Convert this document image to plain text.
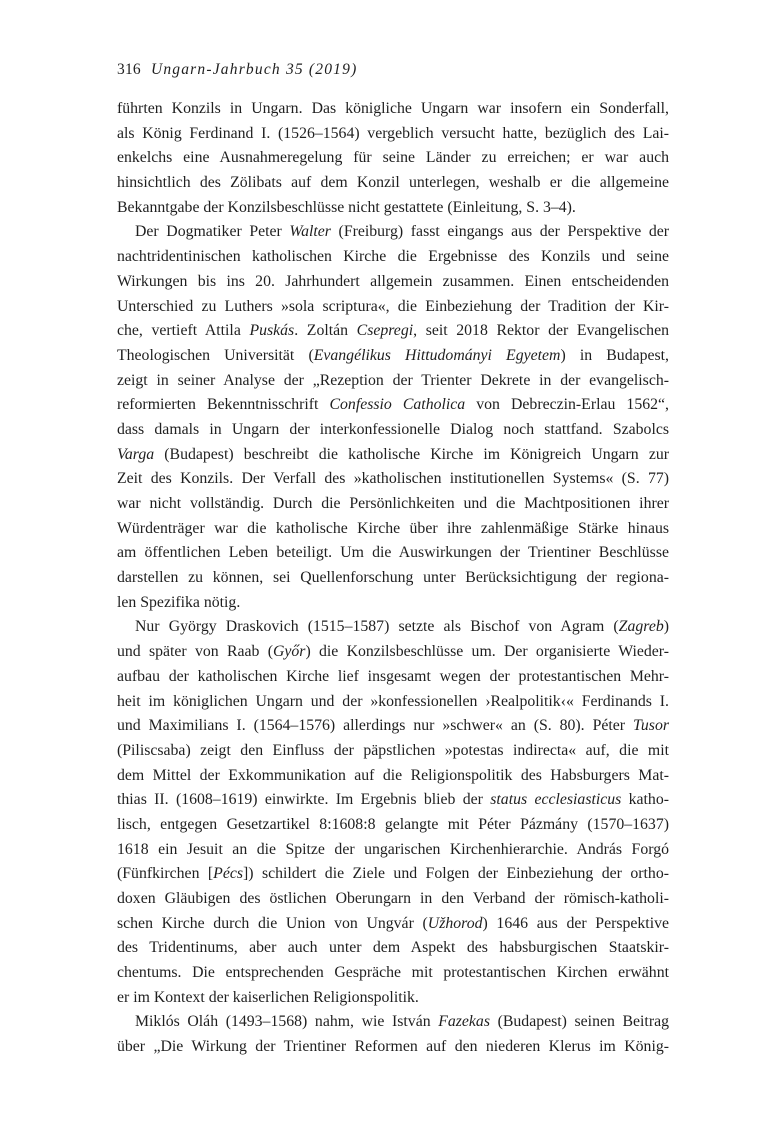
316 Ungarn-Jahrbuch 35 (2019)
führten Konzils in Ungarn. Das königliche Ungarn war insofern ein Sonderfall,
als König Ferdinand I. (1526–1564) vergeblich versucht hatte, bezüglich des Lai-
enkelchs eine Ausnahmeregelung für seine Länder zu erreichen; er war auch
hinsichtlich des Zölibats auf dem Konzil unterlegen, weshalb er die allgemeine
Bekanntgabe der Konzilsbeschlüsse nicht gestattete (Einleitung, S. 3–4).
Der Dogmatiker Peter Walter (Freiburg) fasst eingangs aus der Perspektive der
nachtridentinischen katholischen Kirche die Ergebnisse des Konzils und seine
Wirkungen bis ins 20. Jahrhundert allgemein zusammen. Einen entscheidenden
Unterschied zu Luthers »sola scriptura«, die Einbeziehung der Tradition der Kir-
che, vertieft Attila Puskás. Zoltán Csepregi, seit 2018 Rektor der Evangelischen
Theologischen Universität (Evangélikus Hittudományi Egyetem) in Budapest,
zeigt in seiner Analyse der „Rezeption der Trienter Dekrete in der evangelisch-
reformierten Bekenntnisschrift Confessio Catholica von Debreczin-Erlau 1562“,
dass damals in Ungarn der interkonfessionelle Dialog noch stattfand. Szabolcs
Varga (Budapest) beschreibt die katholische Kirche im Königreich Ungarn zur
Zeit des Konzils. Der Verfall des »katholischen institutionellen Systems« (S. 77)
war nicht vollständig. Durch die Persönlichkeiten und die Machtpositionen ihrer
Würdenträger war die katholische Kirche über ihre zahlenmäßige Stärke hinaus
am öffentlichen Leben beteiligt. Um die Auswirkungen der Trientiner Beschlüsse
darstellen zu können, sei Quellenforschung unter Berücksichtigung der regiona-
len Spezifika nötig.
Nur György Draskovich (1515–1587) setzte als Bischof von Agram (Zagreb)
und später von Raab (Győr) die Konzilsbeschlüsse um. Der organisierte Wieder-
aufbau der katholischen Kirche lief insgesamt wegen der protestantischen Mehr-
heit im königlichen Ungarn und der »konfessionellen ›Realpolitik‹« Ferdinands I.
und Maximilians I. (1564–1576) allerdings nur »schwer« an (S. 80). Péter Tusor
(Piliscsaba) zeigt den Einfluss der päpstlichen »potestas indirecta« auf, die mit
dem Mittel der Exkommunikation auf die Religionspolitik des Habsburgers Mat-
thias II. (1608–1619) einwirkte. Im Ergebnis blieb der status ecclesiasticus katho-
lisch, entgegen Gesetzartikel 8:1608:8 gelangte mit Péter Pázmány (1570–1637)
1618 ein Jesuit an die Spitze der ungarischen Kirchenhierarchie. András Forgó
(Fünfkirchen [Pécs]) schildert die Ziele und Folgen der Einbeziehung der ortho-
doxen Gläubigen des östlichen Oberungarn in den Verband der römisch-katholi-
schen Kirche durch die Union von Ungvár (Užhorod) 1646 aus der Perspektive
des Tridentinums, aber auch unter dem Aspekt des habsburgischen Staatskir-
chentums. Die entsprechenden Gespräche mit protestantischen Kirchen erwähnt
er im Kontext der kaiserlichen Religionspolitik.
Miklós Oláh (1493–1568) nahm, wie István Fazekas (Budapest) seinen Beitrag
über „Die Wirkung der Trientiner Reformen auf den niederen Klerus im König-
